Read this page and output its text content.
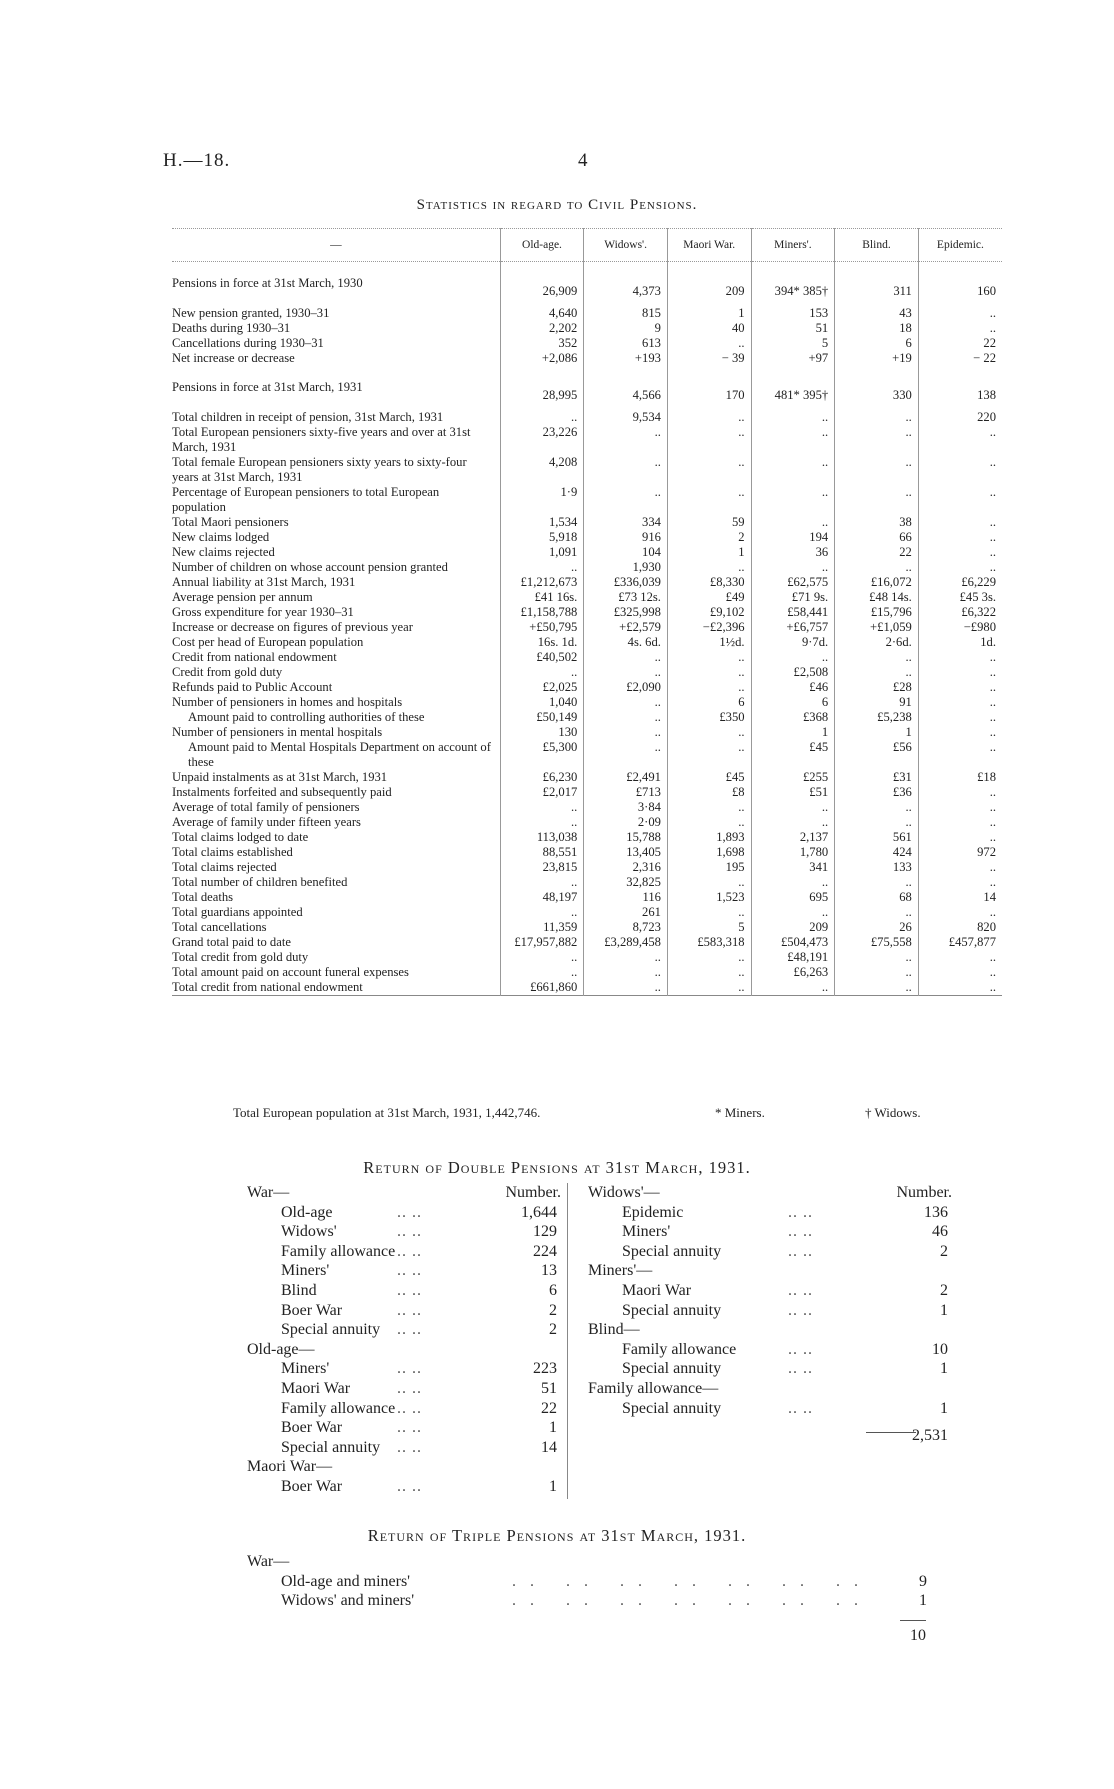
H.—18.	4
Statistics in regard to Civil Pensions.
—	Old-age.	Widows'.	Maori War.	Miners'.	Blind.	Epidemic.

Pensions in force at 31st March, 1930	26,909	4,373	209	394* 385†	311	160
New pension granted, 1930–31	4,640	815	1	153	43	..
Deaths during 1930–31	2,202	9	40	51	18	..
Cancellations during 1930–31	352	613	..	5	6	22
Net increase or decrease	+2,086	+193	− 39	+97	+19	− 22

Pensions in force at 31st March, 1931	28,995	4,566	170	481* 395†	330	138
Total children in receipt of pension, 31st March, 1931	..	9,534	..	..	..	220
Total European pensioners sixty-five years and over at 31st March, 1931	23,226	..	..	..	..	..
Total female European pensioners sixty years to sixty-four years at 31st March, 1931	4,208	..	..	..	..	..
Percentage of European pensioners to total European population	1·9	..	..	..	..	..
Total Maori pensioners	1,534	334	59	..	38	..
New claims lodged	5,918	916	2	194	66	..
New claims rejected	1,091	104	1	36	22	..
Number of children on whose account pension granted	..	1,930	..	..	..	..
Annual liability at 31st March, 1931	£1,212,673	£336,039	£8,330	£62,575	£16,072	£6,229
Average pension per annum	£41 16s.	£73 12s.	£49	£71 9s.	£48 14s.	£45 3s.
Gross expenditure for year 1930–31	£1,158,788	£325,998	£9,102	£58,441	£15,796	£6,322
Increase or decrease on figures of previous year	+£50,795	+£2,579	−£2,396	+£6,757	+£1,059	−£980
Cost per head of European population	16s. 1d.	4s. 6d.	1½d.	9·7d.	2·6d.	1d.
Credit from national endowment	£40,502	..	..	..	..	..
Credit from gold duty	..	..	..	£2,508	..	..
Refunds paid to Public Account	£2,025	£2,090	..	£46	£28	..
Number of pensioners in homes and hospitals	1,040	..	6	6	91	..
Amount paid to controlling authorities of these	£50,149	..	£350	£368	£5,238	..
Number of pensioners in mental hospitals	130	..	..	1	1	..
Amount paid to Mental Hospitals Department on account of these	£5,300	..	..	£45	£56	..
Unpaid instalments as at 31st March, 1931	£6,230	£2,491	£45	£255	£31	£18
Instalments forfeited and subsequently paid	£2,017	£713	£8	£51	£36	..
Average of total family of pensioners	..	3·84	..	..	..	..
Average of family under fifteen years	..	2·09	..	..	..	..
Total claims lodged to date	113,038	15,788	1,893	2,137	561	..
Total claims established	88,551	13,405	1,698	1,780	424	972
Total claims rejected	23,815	2,316	195	341	133	..
Total number of children benefited	..	32,825	..	..	..	..
Total deaths	48,197	116	1,523	695	68	14
Total guardians appointed	..	261	..	..	..	..
Total cancellations	11,359	8,723	5	209	26	820
Grand total paid to date	£17,957,882	£3,289,458	£583,318	£504,473	£75,558	£457,877
Total credit from gold duty	..	..	..	£48,191	..	..
Total amount paid on account funeral expenses	..	..	..	£6,263	..	..
Total credit from national endowment	£661,860	..	..	..	..	..

Total European population at 31st March, 1931, 1,442,746.	* Miners.	† Widows.
Return of Double Pensions at 31st March, 1931.
War—	Number.
Old-age	.. ..	1,644
Widows'	.. ..	129
Family allowance .. ..	224
Miners'	.. ..	13
Blind	.. ..	6
Boer War	.. ..	2
Special annuity .. ..	2
Old-age—
Miners'	.. ..	223
Maori War	.. ..	51
Family allowance .. ..	22
Boer War	.. ..	1
Special annuity .. ..	14
Maori War—
Boer War	.. ..	1
Widows'—	Number.
Epidemic	.. ..	136
Miners'	.. ..	46
Special annuity	.. ..	2
Miners'—
Maori War	.. ..	2
Special annuity	.. ..	1
Blind—
Family allowance	.. ..	10
Special annuity	.. ..	1
Family allowance—
Special annuity	.. ..	1
2,531
Return of Triple Pensions at 31st March, 1931.
War—
Old-age and miners'	.. .. .. .. .. .. ..	9
Widows' and miners'	.. .. .. .. .. .. ..	1
10
